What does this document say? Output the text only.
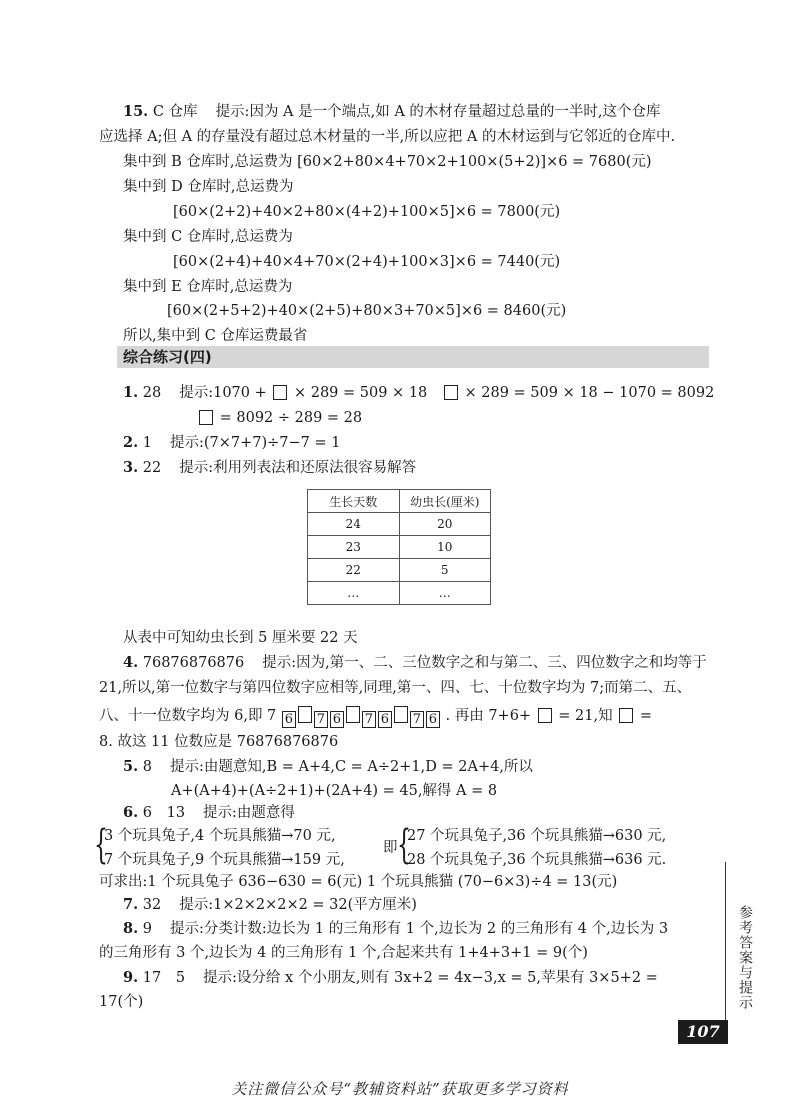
15. C 仓库 提示:因为 A 是一个端点,如 A 的木材存量超过总量的一半时,这个仓库
应选择 A;但 A 的存量没有超过总木材量的一半,所以应把 A 的木材运到与它邻近的仓库中.
集中到 B 仓库时,总运费为 [60×2+80×4+70×2+100×(5+2)]×6 = 7680(元)
集中到 D 仓库时,总运费为
[60×(2+2)+40×2+80×(4+2)+100×5]×6 = 7800(元)
集中到 C 仓库时,总运费为
[60×(2+4)+40×4+70×(2+4)+100×3]×6 = 7440(元)
集中到 E 仓库时,总运费为
[60×(2+5+2)+40×(2+5)+80×3+70×5]×6 = 8460(元)
所以,集中到 C 仓库运费最省
综合练习(四)
1. 28 提示:1070 + × 289 = 509 × 18	× 289 = 509 × 18 − 1070 = 8092
= 8092 ÷ 289 = 28
2. 1 提示:(7×7+7)÷7−7 = 1
3. 22 提示:利用列表法和还原法很容易解答
生长天数	幼虫长(厘米)
24	20
23	10
22	5
…	…
从表中可知幼虫长到 5 厘米要 22 天
4. 76876876876 提示:因为,第一、二、三位数字之和与第二、三、四位数字之和均等于
21,所以,第一位数字与第四位数字应相等,同理,第一、四、七、十位数字均为 7;而第二、五、
八、十一位数字均为 6,即 7 6 7 6 7 6 7 6 . 再由 7+6+ = 21,知 =
8. 故这 11 位数应是 76876876876
5. 8 提示:由题意知,B = A+4,C = A÷2+1,D = 2A+4,所以
A+(A+4)+(A÷2+1)+(2A+4) = 45,解得 A = 8
6. 6 13 提示:由题意得
{
3 个玩具兔子,4 个玩具熊猫→70 元,
7 个玩具兔子,9 个玩具熊猫→159 元,
即 {
27 个玩具兔子,36 个玩具熊猫→630 元,
28 个玩具兔子,36 个玩具熊猫→636 元.
可求出:1 个玩具兔子 636−630 = 6(元) 1 个玩具熊猫 (70−6×3)÷4 = 13(元)
7. 32 提示:1×2×2×2×2 = 32(平方厘米)
8. 9 提示:分类计数:边长为 1 的三角形有 1 个,边长为 2 的三角形有 4 个,边长为 3
的三角形有 3 个,边长为 4 的三角形有 1 个,合起来共有 1+4+3+1 = 9(个)
9. 17 5 提示:设分给 x 个小朋友,则有 3x+2 = 4x−3,x = 5,苹果有 3×5+2 =
17(个)	参考答案与提示
107
关注微信公众号“教辅资料站”获取更多学习资料
